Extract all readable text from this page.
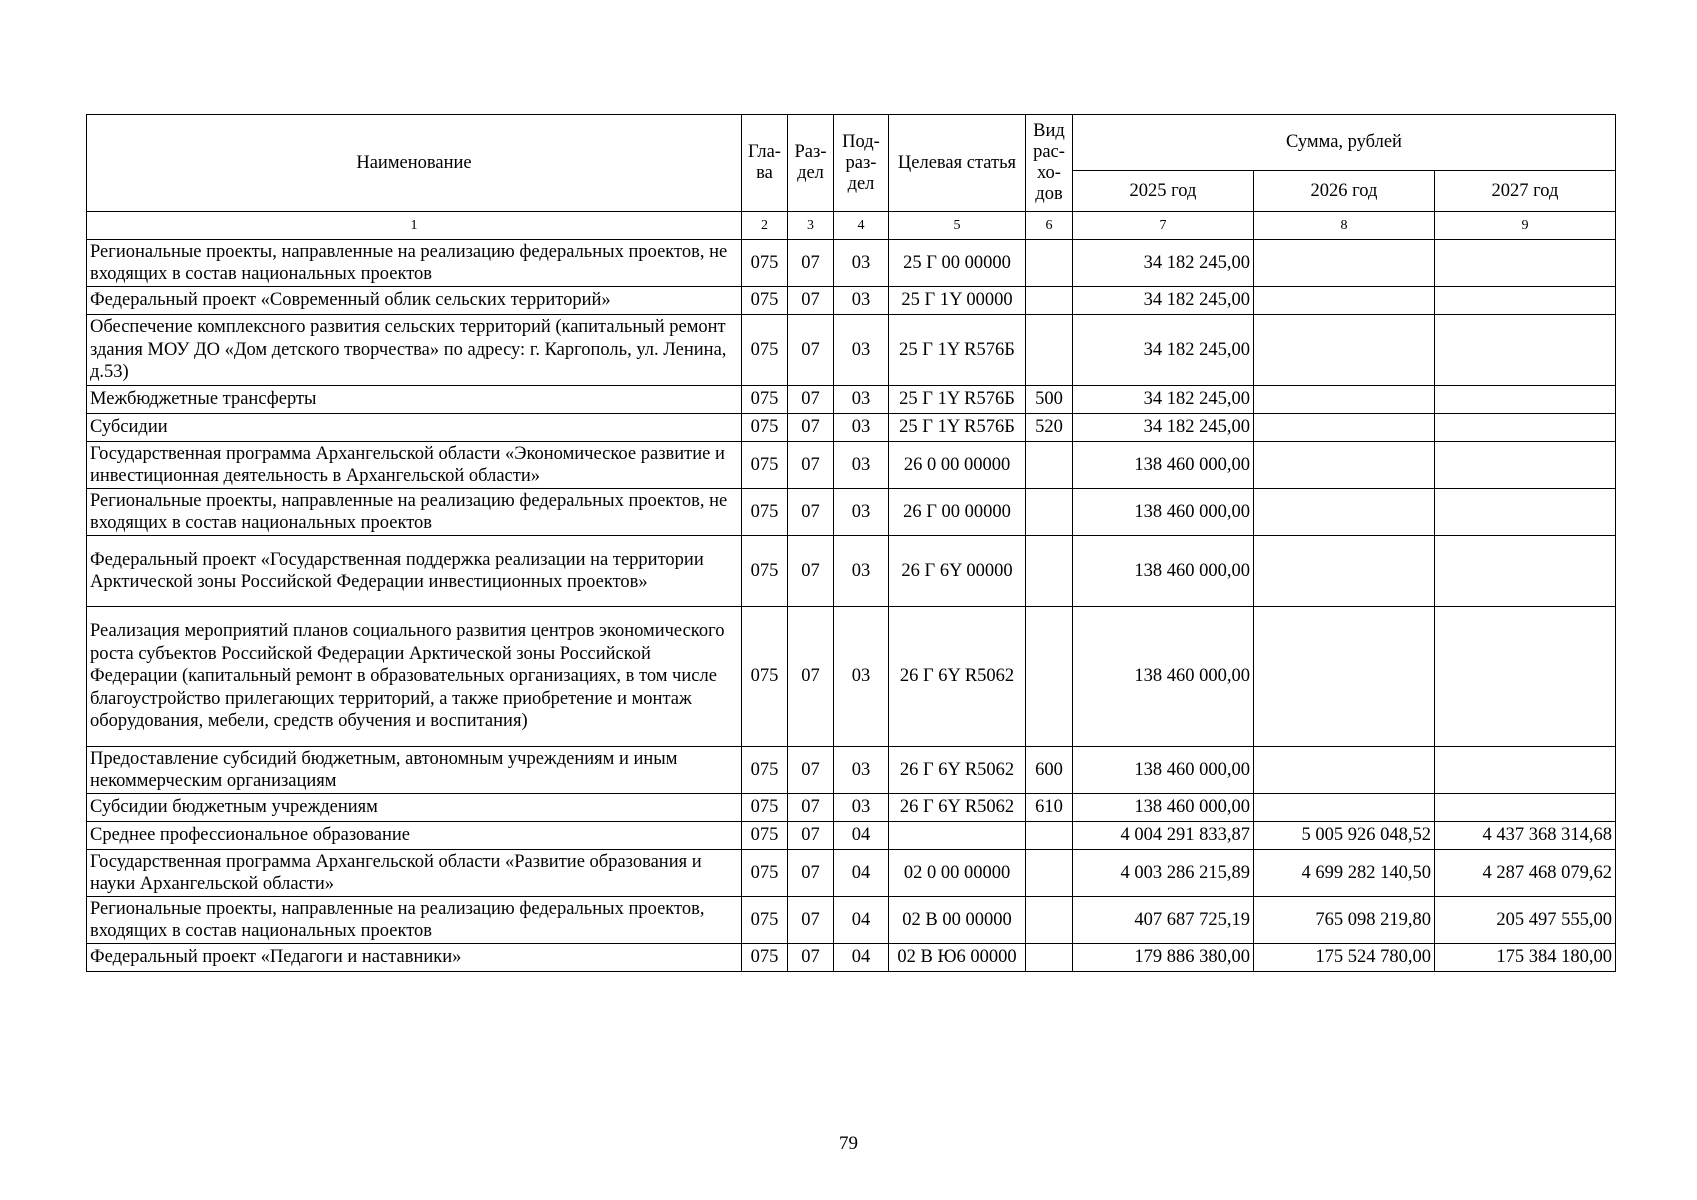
Наименование	Гла-ва	Раз-дел	Под-раз-дел	Целевая статья	Вид рас-хо-дов	Сумма, рублей		
						2025 год	2026 год	2027 год
1	2	3	4	5	6	7	8	9
Региональные проекты, направленные на реализацию федеральных проектов, не входящих в состав национальных проектов	075	07	03	25 Г 00 00000		34 182 245,00		
Федеральный проект «Современный облик сельских территорий»	075	07	03	25 Г 1Y 00000		34 182 245,00		
Обеспечение комплексного развития сельских территорий (капитальный ремонт здания МОУ ДО «Дом детского творчества» по адресу: г. Каргополь, ул. Ленина, д.53)	075	07	03	25 Г 1Y R576Б		34 182 245,00		
Межбюджетные трансферты	075	07	03	25 Г 1Y R576Б	500	34 182 245,00		
Субсидии	075	07	03	25 Г 1Y R576Б	520	34 182 245,00		
Государственная программа Архангельской области «Экономическое развитие и инвестиционная деятельность в Архангельской области»	075	07	03	26 0 00 00000		138 460 000,00		
Региональные проекты, направленные на реализацию федеральных проектов, не входящих в состав национальных проектов	075	07	03	26 Г 00 00000		138 460 000,00		
Федеральный проект «Государственная поддержка реализации на территории Арктической зоны Российской Федерации инвестиционных проектов»	075	07	03	26 Г 6Y 00000		138 460 000,00		
Реализация мероприятий планов социального развития центров экономического роста субъектов Российской Федерации Арктической зоны Российской Федерации (капитальный ремонт в образовательных организациях, в том числе благоустройство прилегающих территорий, а также приобретение и монтаж оборудования, мебели, средств обучения и воспитания)	075	07	03	26 Г 6Y R5062		138 460 000,00		
Предоставление субсидий бюджетным, автономным учреждениям и иным некоммерческим организациям	075	07	03	26 Г 6Y R5062	600	138 460 000,00		
Субсидии бюджетным учреждениям	075	07	03	26 Г 6Y R5062	610	138 460 000,00		
Среднее профессиональное образование	075	07	04			4 004 291 833,87	5 005 926 048,52	4 437 368 314,68
Государственная программа Архангельской области «Развитие образования и науки Архангельской области»	075	07	04	02 0 00 00000		4 003 286 215,89	4 699 282 140,50	4 287 468 079,62
Региональные проекты, направленные на реализацию федеральных проектов, входящих в состав национальных проектов	075	07	04	02 В 00 00000		407 687 725,19	765 098 219,80	205 497 555,00
Федеральный проект «Педагоги и наставники»	075	07	04	02 В Ю6 00000		179 886 380,00	175 524 780,00	175 384 180,00
79
